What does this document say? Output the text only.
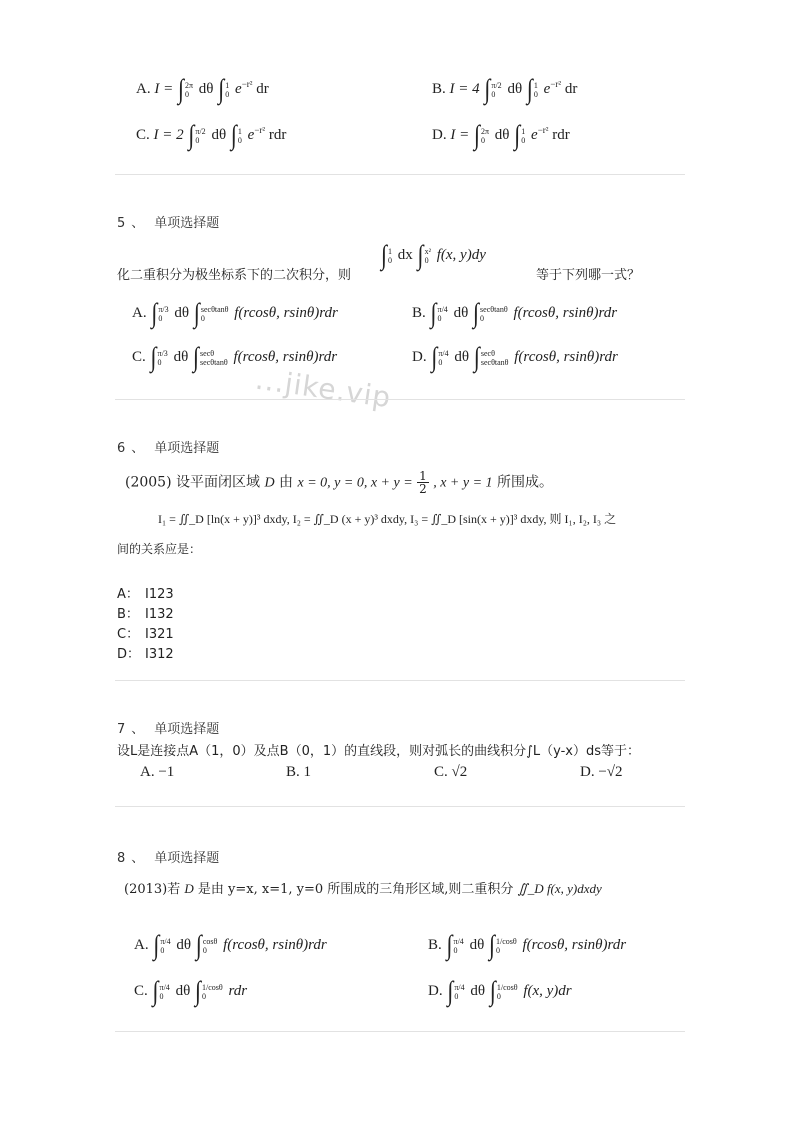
A. I = ∫ 2π
0 dθ ∫ 1
0 $e^{-r^2}$ dr	B. I = 4 ∫ π/2
0 dθ ∫ 1
0 $e^{-r^2}$ dr
C. I = 2 ∫ π/2
0 dθ ∫ 1
0 $e^{-r^2}$ rdr	D. I = ∫ 2π
0 dθ ∫ 1
0 $e^{-r^2}$ rdr
5 、 单项选择题
∫ 1
0 dx ∫ x²
0 f(x, y)dy
化二重积分为极坐标系下的二次积分，则	等于下列哪一式？
A. ∫ π/3
0 dθ ∫ secθtanθ
0	f(rcosθ, rsinθ)rdr	B. ∫ π/4
0 dθ ∫ secθtanθ
0	f(rcosθ, rsinθ)rdr
C. ∫ π/3
0 dθ ∫ secθ
secθtanθ f(rcosθ, rsinθ)rdr	D. ∫ π/4
0 dθ ∫ secθ
secθtanθ f(rcosθ, rsinθ)rdr
...jike.vip
6 、 单项选择题
(2005) 设平面闭区域 D 由 x = 0, y = 0, $x + y = \frac{1}{2}$ , x + y = 1 所围成。
I₁ = ∬_D [ln(x + y)]³ dxdy, I₂ = ∬_D (x + y)³ dxdy, I₃ = ∬_D [sin(x + y)]³ dxdy, 则 I₁, I₂, I₃ 之
间的关系应是：
A： I123
B： I132
C： I321
D： I312
7 、 单项选择题
设L是连接点A（1，0）及点B（0，1）的直线段，则对弧长的曲线积分∫L（y-x）ds等于：
A. −1	B. 1	C. √2	D. −√2
8 、 单项选择题
(2013)若 D 是由 y=x, x=1, y=0 所围成的三角形区域,则二重积分 ∬_D f(x, y)dxdy
A. ∫ π/4
0 dθ ∫ cosθ
0	f(rcosθ, rsinθ)rdr	B. ∫ π/4
0 dθ ∫ 1/cosθ
0	f(rcosθ, rsinθ)rdr
C. ∫ π/4
0 dθ ∫ 1/cosθ
0	rdr	D. ∫ π/4
0 dθ ∫ 1/cosθ
0	f(x, y)dr
